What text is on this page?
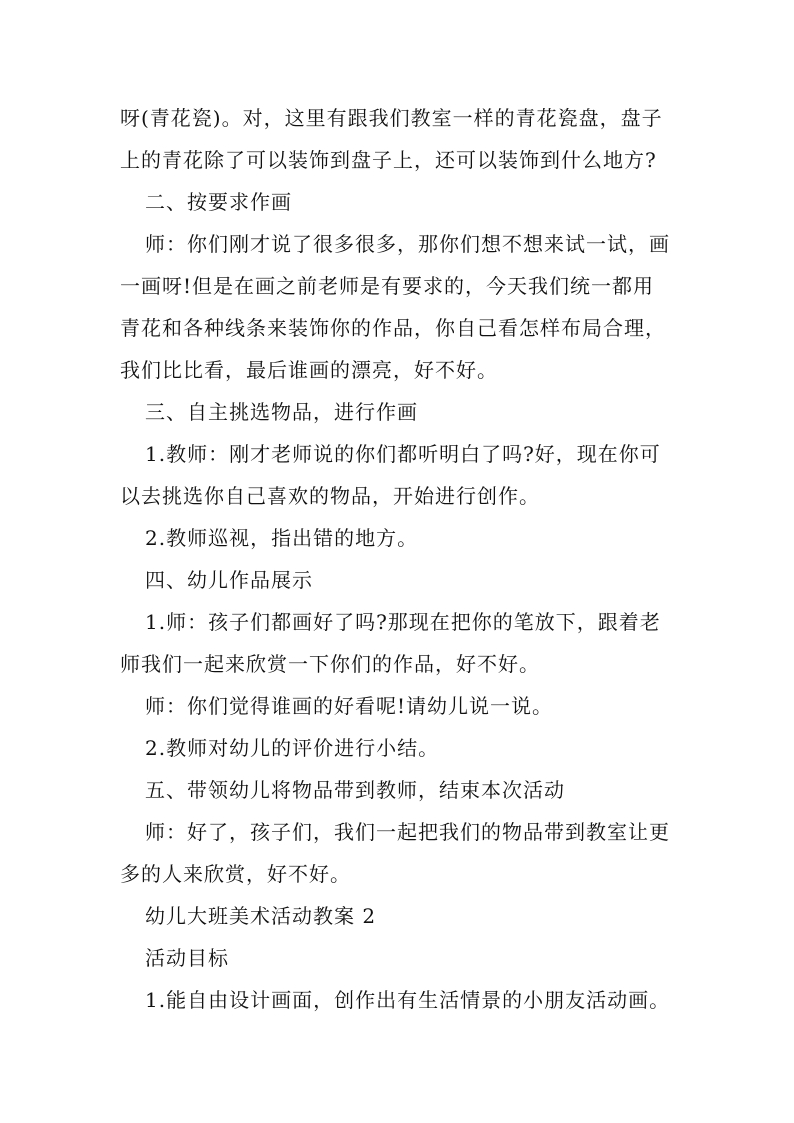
呀(青花瓷)。对，这里有跟我们教室一样的青花瓷盘，盘子
上的青花除了可以装饰到盘子上，还可以装饰到什么地方?
二、按要求作画
师：你们刚才说了很多很多，那你们想不想来试一试，画
一画呀!但是在画之前老师是有要求的，今天我们统一都用
青花和各种线条来装饰你的作品，你自己看怎样布局合理，
我们比比看，最后谁画的漂亮，好不好。
三、自主挑选物品，进行作画
1.教师：刚才老师说的你们都听明白了吗?好，现在你可
以去挑选你自己喜欢的物品，开始进行创作。
2.教师巡视，指出错的地方。
四、幼儿作品展示
1.师：孩子们都画好了吗?那现在把你的笔放下，跟着老
师我们一起来欣赏一下你们的作品，好不好。
师：你们觉得谁画的好看呢!请幼儿说一说。
2.教师对幼儿的评价进行小结。
五、带领幼儿将物品带到教师，结束本次活动
师：好了，孩子们，我们一起把我们的物品带到教室让更
多的人来欣赏，好不好。
幼儿大班美术活动教案 2
活动目标
1.能自由设计画面，创作出有生活情景的小朋友活动画。
